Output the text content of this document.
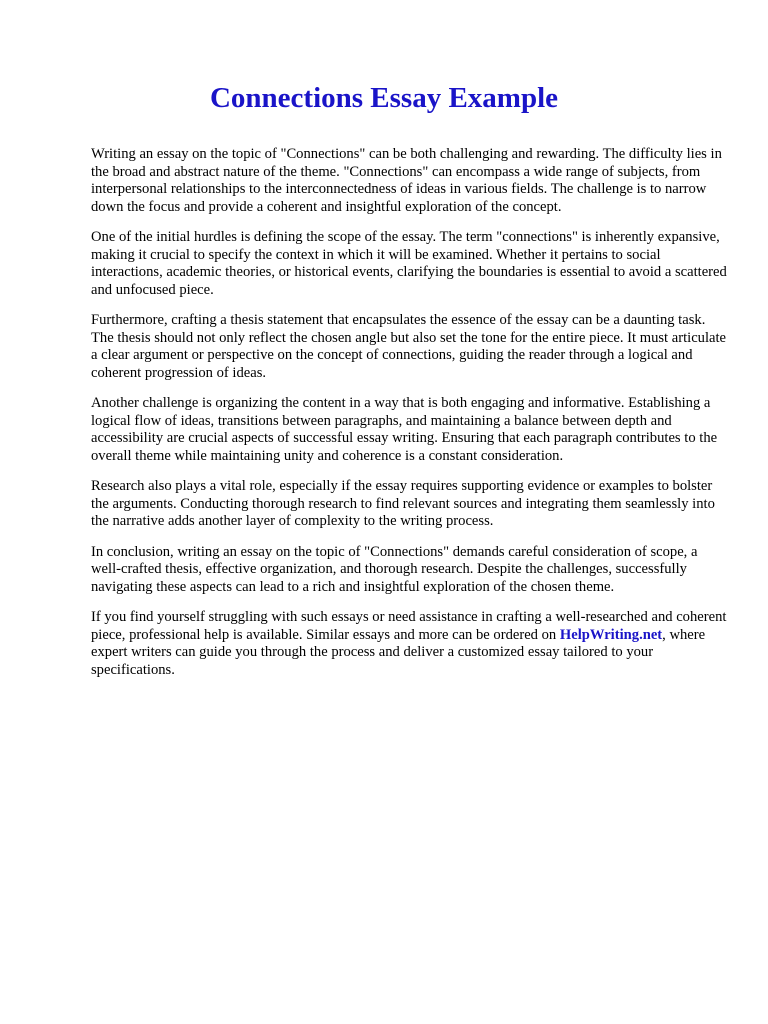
Connections Essay Example

Writing an essay on the topic of "Connections" can be both challenging and rewarding. The difficulty lies in the broad and abstract nature of the theme. "Connections" can encompass a wide range of subjects, from interpersonal relationships to the interconnectedness of ideas in various fields. The challenge is to narrow down the focus and provide a coherent and insightful exploration of the concept.

One of the initial hurdles is defining the scope of the essay. The term "connections" is inherently expansive, making it crucial to specify the context in which it will be examined. Whether it pertains to social interactions, academic theories, or historical events, clarifying the boundaries is essential to avoid a scattered and unfocused piece.

Furthermore, crafting a thesis statement that encapsulates the essence of the essay can be a daunting task. The thesis should not only reflect the chosen angle but also set the tone for the entire piece. It must articulate a clear argument or perspective on the concept of connections, guiding the reader through a logical and coherent progression of ideas.

Another challenge is organizing the content in a way that is both engaging and informative. Establishing a logical flow of ideas, transitions between paragraphs, and maintaining a balance between depth and accessibility are crucial aspects of successful essay writing. Ensuring that each paragraph contributes to the overall theme while maintaining unity and coherence is a constant consideration.

Research also plays a vital role, especially if the essay requires supporting evidence or examples to bolster the arguments. Conducting thorough research to find relevant sources and integrating them seamlessly into the narrative adds another layer of complexity to the writing process.

In conclusion, writing an essay on the topic of "Connections" demands careful consideration of scope, a well-crafted thesis, effective organization, and thorough research. Despite the challenges, successfully navigating these aspects can lead to a rich and insightful exploration of the chosen theme.

If you find yourself struggling with such essays or need assistance in crafting a well-researched and coherent piece, professional help is available. Similar essays and more can be ordered on HelpWriting.net, where expert writers can guide you through the process and deliver a customized essay tailored to your specifications.
